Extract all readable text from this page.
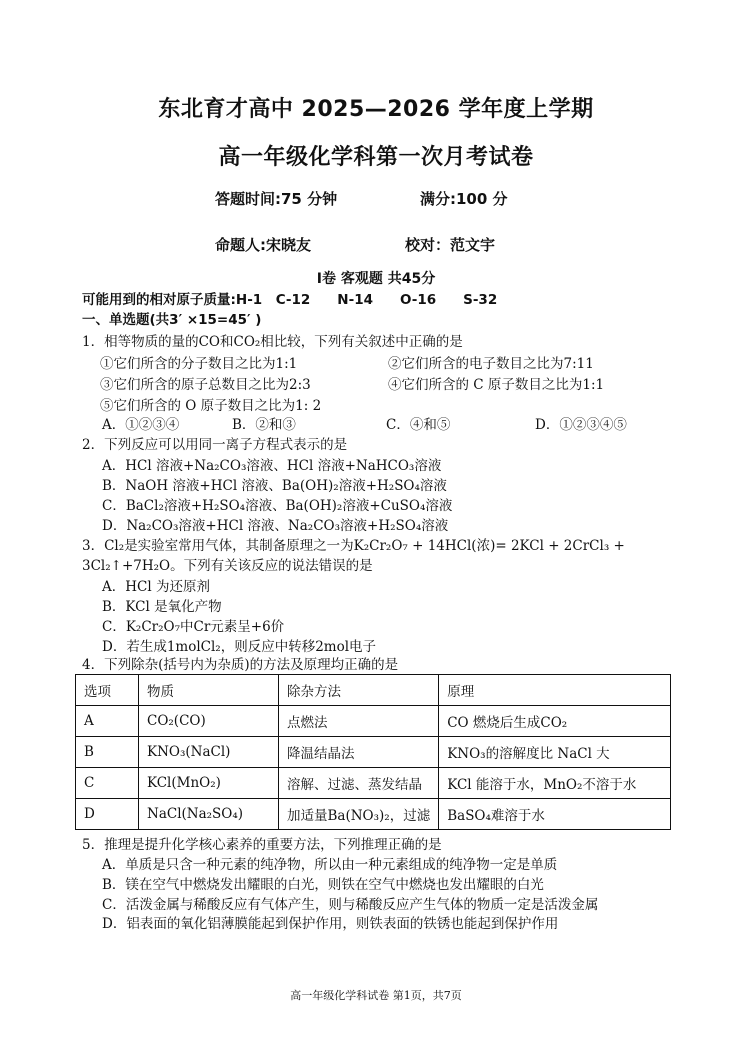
东北育才高中 2025—2026 学年度上学期
高一年级化学科第一次月考试卷
答题时间:75 分钟	满分:100 分
命题人:宋晓友	校对：范文宇
I卷 客观题 共45分
可能用到的相对原子质量:H-1　C-12　　N-14　　O-16　　S-32
一、单选题(共3′ ×15=45′ )
1．相等物质的量的CO和CO₂相比较，下列有关叙述中正确的是
①它们所含的分子数目之比为1:1	②它们所含的电子数目之比为7:11
③它们所含的原子总数目之比为2:3	④它们所含的 C 原子数目之比为1:1
⑤它们所含的 O 原子数目之比为1: 2
A．①②③④	B．②和③	C．④和⑤	D．①②③④⑤
2．下列反应可以用同一离子方程式表示的是
A．HCl 溶液+Na₂CO₃溶液、HCl 溶液+NaHCO₃溶液
B．NaOH 溶液+HCl 溶液、Ba(OH)₂溶液+H₂SO₄溶液
C．BaCl₂溶液+H₂SO₄溶液、Ba(OH)₂溶液+CuSO₄溶液
D．Na₂CO₃溶液+HCl 溶液、Na₂CO₃溶液+H₂SO₄溶液
3．Cl₂是实验室常用气体，其制备原理之一为K₂Cr₂O₇ + 14HCl(浓)= 2KCl + 2CrCl₃ +
3Cl₂↑+7H₂O。下列有关该反应的说法错误的是
A．HCl 为还原剂
B．KCl 是氧化产物
C．K₂Cr₂O₇中Cr元素呈+6价
D．若生成1molCl₂，则反应中转移2mol电子
4．下列除杂(括号内为杂质)的方法及原理均正确的是
选项	物质	除杂方法	原理
A	CO₂(CO)	点燃法	CO 燃烧后生成CO₂
B	KNO₃(NaCl)	降温结晶法	KNO₃的溶解度比 NaCl 大
C	KCl(MnO₂)	溶解、过滤、蒸发结晶	KCl 能溶于水，MnO₂不溶于水
D	NaCl(Na₂SO₄)	加适量Ba(NO₃)₂，过滤	BaSO₄难溶于水
5．推理是提升化学核心素养的重要方法，下列推理正确的是
A．单质是只含一种元素的纯净物，所以由一种元素组成的纯净物一定是单质
B．镁在空气中燃烧发出耀眼的白光，则铁在空气中燃烧也发出耀眼的白光
C．活泼金属与稀酸反应有气体产生，则与稀酸反应产生气体的物质一定是活泼金属
D．铝表面的氧化铝薄膜能起到保护作用，则铁表面的铁锈也能起到保护作用
高一年级化学科试卷 第1页，共7页
